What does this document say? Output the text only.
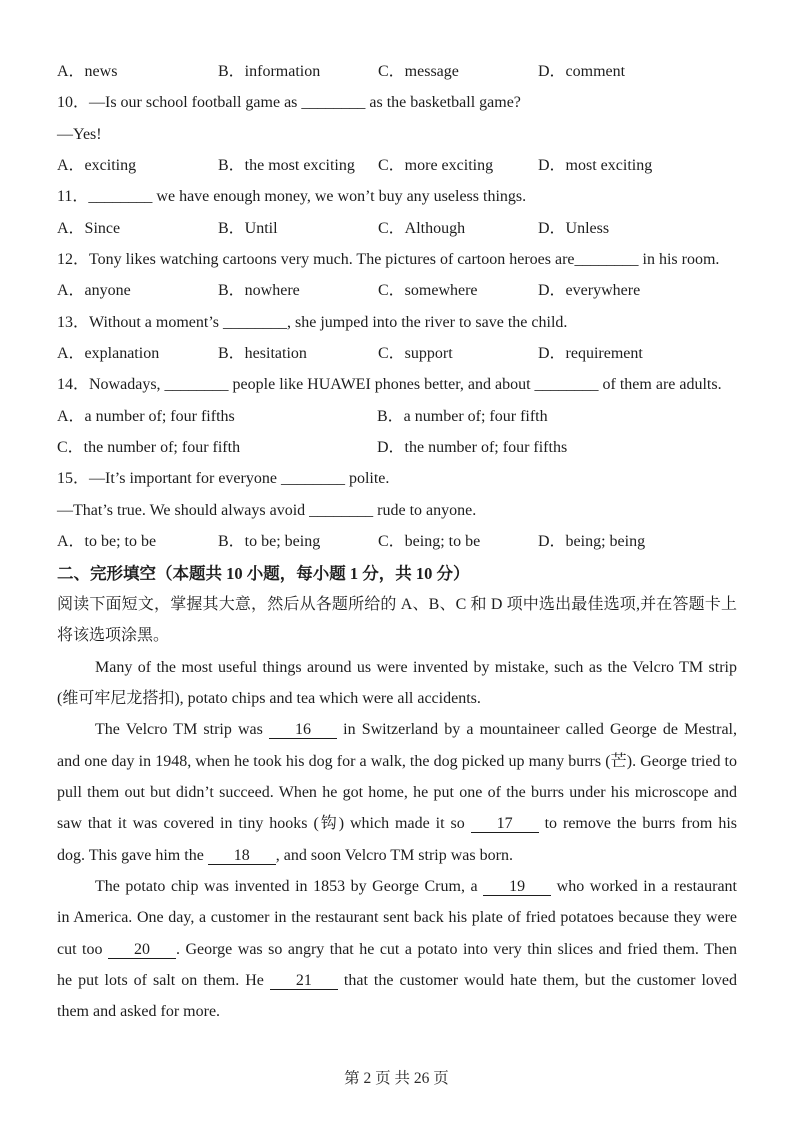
A．news	B．information	C．message	D．comment
10．—Is our school football game as ________ as the basketball game?
—Yes!
A．exciting	B．the most exciting	C．more exciting	D．most exciting
11．________ we have enough money, we won’t buy any useless things.
A．Since	B．Until	C．Although	D．Unless
12．Tony likes watching cartoons very much. The pictures of cartoon heroes are________ in his room.
A．anyone	B．nowhere	C．somewhere	D．everywhere
13．Without a moment’s ________, she jumped into the river to save the child.
A．explanation	B．hesitation	C．support	D．requirement
14．Nowadays, ________ people like HUAWEI phones better, and about ________ of them are adults.
A．a number of; four fifths	B．a number of; four fifth
C．the number of; four fifth	D．the number of; four fifths
15．—It’s important for everyone ________ polite.
—That’s true. We should always avoid ________ rude to anyone.
A．to be; to be	B．to be; being	C．being; to be	D．being; being
二、完形填空（本题共 10 小题，每小题 1 分，共 10 分）
阅读下面短文，掌握其大意，然后从各题所给的 A、B、C 和 D 项中选出最佳选项,并在答题卡上
将该选项涂黑。
Many of the most useful things around us were invented by mistake, such as the Velcro TM strip
(维可牢尼龙搭扣), potato chips and tea which were all accidents.
The Velcro TM strip was 16 in Switzerland by a mountaineer called George de Mestral,
and one day in 1948, when he took his dog for a walk, the dog picked up many burrs (芒). George tried to
pull them out but didn’t succeed. When he got home, he put one of the burrs under his microscope and
saw that it was covered in tiny hooks (钩) which made it so 17 to remove the burrs from his
dog. This gave him the 18 , and soon Velcro TM strip was born.
The potato chip was invented in 1853 by George Crum, a 19 who worked in a restaurant
in America. One day, a customer in the restaurant sent back his plate of fried potatoes because they were
cut too 20 . George was so angry that he cut a potato into very thin slices and fried them. Then
he put lots of salt on them. He 21 that the customer would hate them, but the customer loved
them and asked for more.
第 2 页 共 26 页
